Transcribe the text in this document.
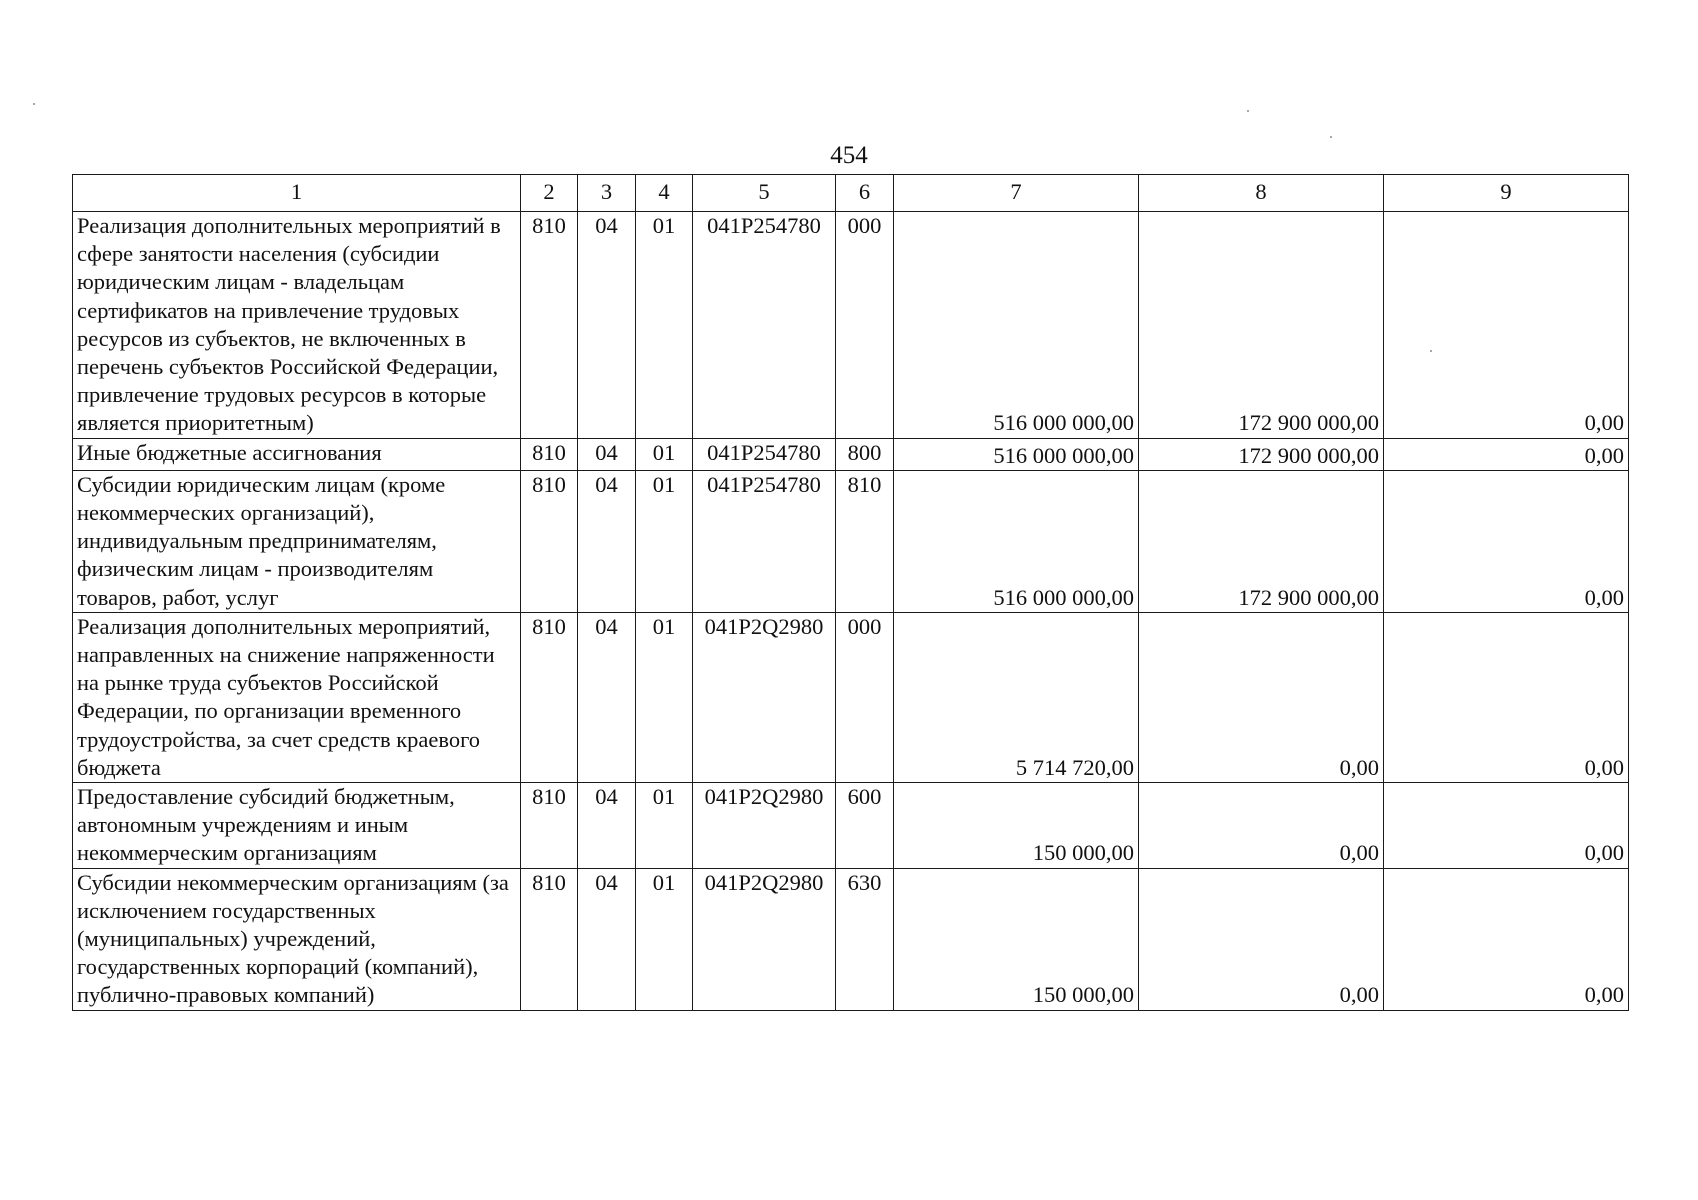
454
1	2	3	4	5	6	7	8	9
Реализация дополнительных мероприятий в сфере занятости населения (субсидии юридическим лицам - владельцам сертификатов на привлечение трудовых ресурсов из субъектов, не включенных в перечень субъектов Российской Федерации, привлечение трудовых ресурсов в которые является приоритетным)	810	04	01	041P254780	000	516 000 000,00	172 900 000,00	0,00
Иные бюджетные ассигнования	810	04	01	041P254780	800	516 000 000,00	172 900 000,00	0,00
Субсидии юридическим лицам (кроме некоммерческих организаций), индивидуальным предпринимателям, физическим лицам - производителям товаров, работ, услуг	810	04	01	041P254780	810	516 000 000,00	172 900 000,00	0,00
Реализация дополнительных мероприятий, направленных на снижение напряженности на рынке труда субъектов Российской Федерации, по организации временного трудоустройства, за счет средств краевого бюджета	810	04	01	041P2Q2980	000	5 714 720,00	0,00	0,00
Предоставление субсидий бюджетным, автономным учреждениям и иным некоммерческим организациям	810	04	01	041P2Q2980	600	150 000,00	0,00	0,00
Субсидии некоммерческим организациям (за исключением государственных (муниципальных) учреждений, государственных корпораций (компаний), публично-правовых компаний)	810	04	01	041P2Q2980	630	150 000,00	0,00	0,00
